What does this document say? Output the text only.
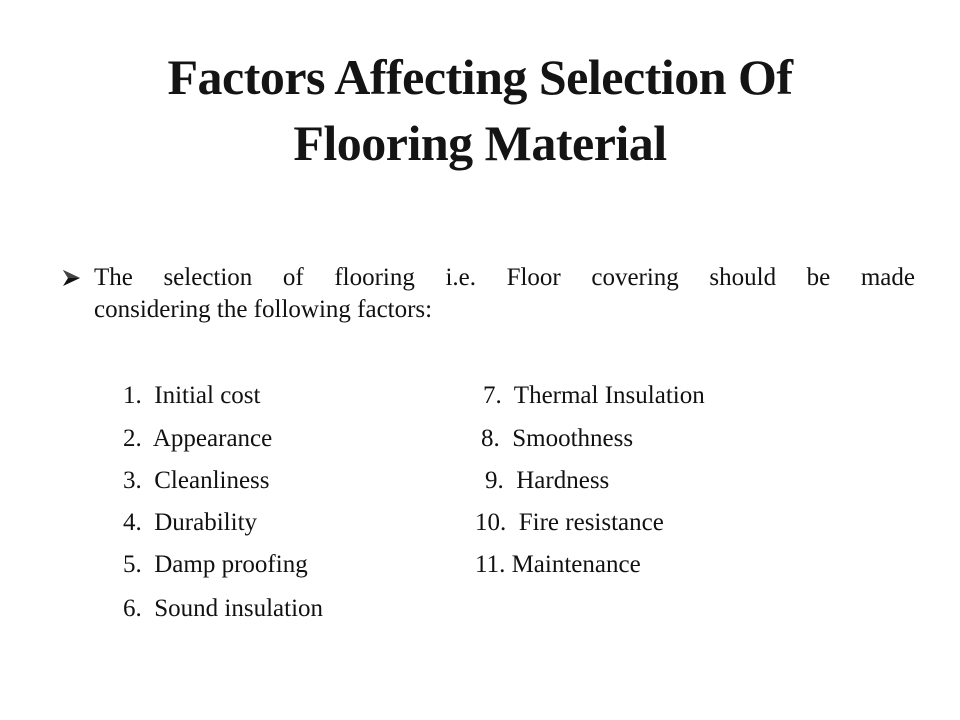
Factors Affecting Selection Of
Flooring Material
The selection of flooring i.e. Floor covering should be made
considering the following factors:
1.  Initial cost
2.  Appearance
3.  Cleanliness
4.  Durability
5.  Damp proofing
6.  Sound insulation
7.  Thermal Insulation
8.  Smoothness
9.  Hardness
10.  Fire resistance
11. Maintenance
